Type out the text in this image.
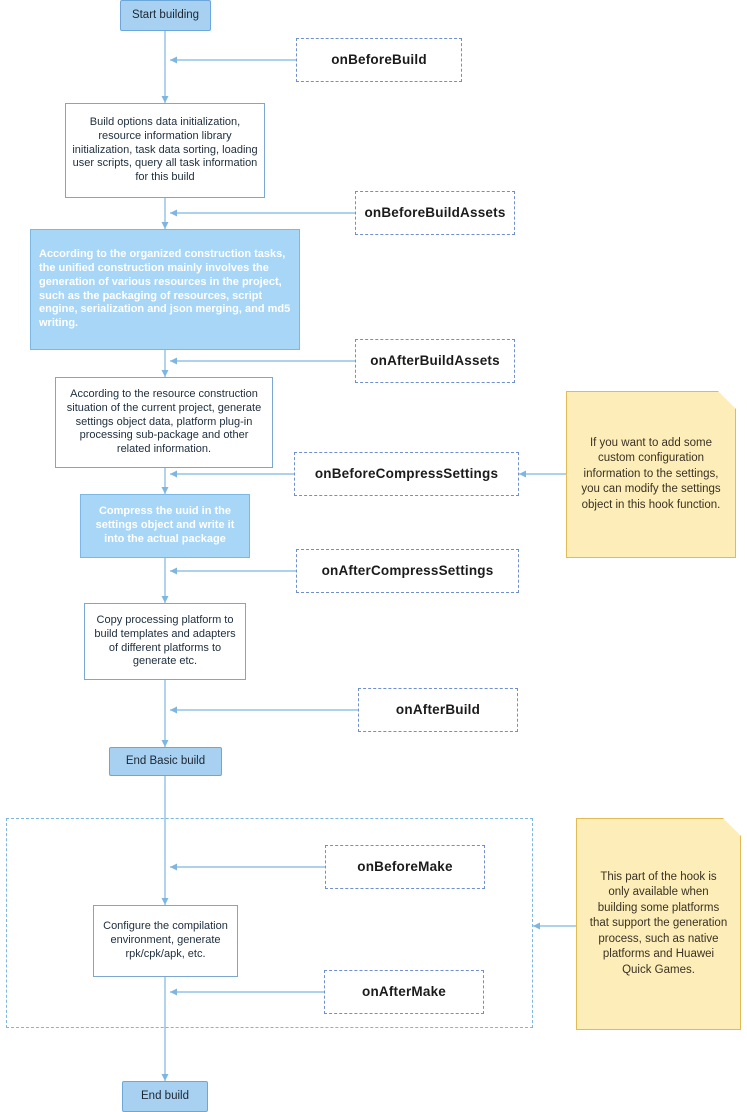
Start building
Build options data initialization, resource information library initialization, task data sorting, loading user scripts, query all task information for this build
According to the organized construction tasks, the unified construction mainly involves the generation of various resources in the project, such as the packaging of resources, script engine, serialization and json merging, and md5 writing.
According to the resource construction situation of the current project, generate settings object data, platform plug-in processing sub-package and other related information.
Compress the uuid in the settings object and write it into the actual package
Copy processing platform to build templates and adapters of different platforms to generate etc.
End Basic build
Configure the compilation environment, generate rpk/cpk/apk, etc.
End build
onBeforeBuild
onBeforeBuildAssets
onAfterBuildAssets
onBeforeCompressSettings
onAfterCompressSettings
onAfterBuild
onBeforeMake
onAfterMake
If you want to add some custom configuration information to the settings, you can modify the settings object in this hook function.
This part of the hook is only available when building some platforms that support the generation process, such as native platforms and Huawei Quick Games.
